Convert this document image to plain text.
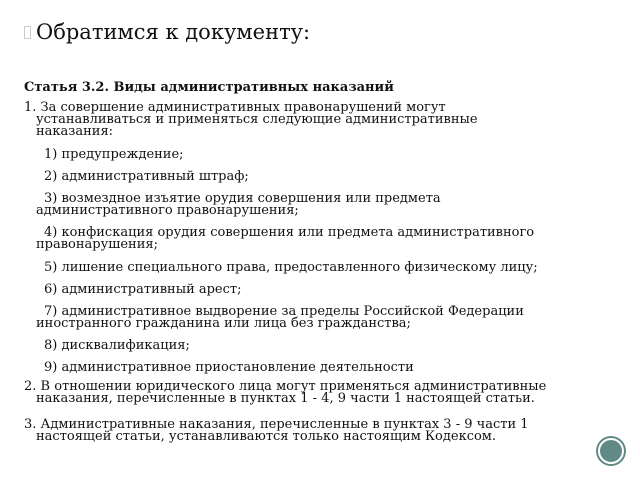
Обратимся к документу:
Статья 3.2. Виды административных наказаний
1. За совершение административных правонарушений могут
устанавливаться и применяться следующие административные
наказания:
1) предупреждение;
2) административный штраф;
3) возмездное изъятие орудия совершения или предмета
административного правонарушения;
4) конфискация орудия совершения или предмета административного
правонарушения;
5) лишение специального права, предоставленного физическому лицу;
6) административный арест;
7) административное выдворение за пределы Российской Федерации
иностранного гражданина или лица без гражданства;
8) дисквалификация;
9) административное приостановление деятельности
2. В отношении юридического лица могут применяться административные
наказания, перечисленные в пунктах 1 - 4, 9 части 1 настоящей статьи.
3. Административные наказания, перечисленные в пунктах 3 - 9 части 1
настоящей статьи, устанавливаются только настоящим Кодексом.
